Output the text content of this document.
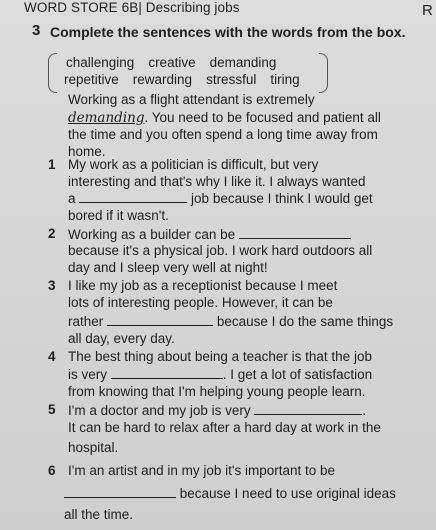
WORD STORE 6B| Describing jobs	R
3 Complete the sentences with the words from the box.
challenging creative demanding
repetitive rewarding stressful tiring
Working as a flight attendant is extremely
demanding. You need to be focused and patient all
the time and you often spend a long time away from
home.
1 My work as a politician is difficult, but very
interesting and that's why I like it. I always wanted
a	job because I think I would get
bored if it wasn't.
2 Working as a builder can be
because it's a physical job. I work hard outdoors all
day and I sleep very well at night!
3 I like my job as a receptionist because I meet
lots of interesting people. However, it can be
rather	because I do the same things
all day, every day.
4 The best thing about being a teacher is that the job
is very	. I get a lot of satisfaction
from knowing that I'm helping young people learn.
5 I'm a doctor and my job is very	.
It can be hard to relax after a hard day at work in the
hospital.
6 I'm an artist and in my job it's important to be
because I need to use original ideas
all the time.
